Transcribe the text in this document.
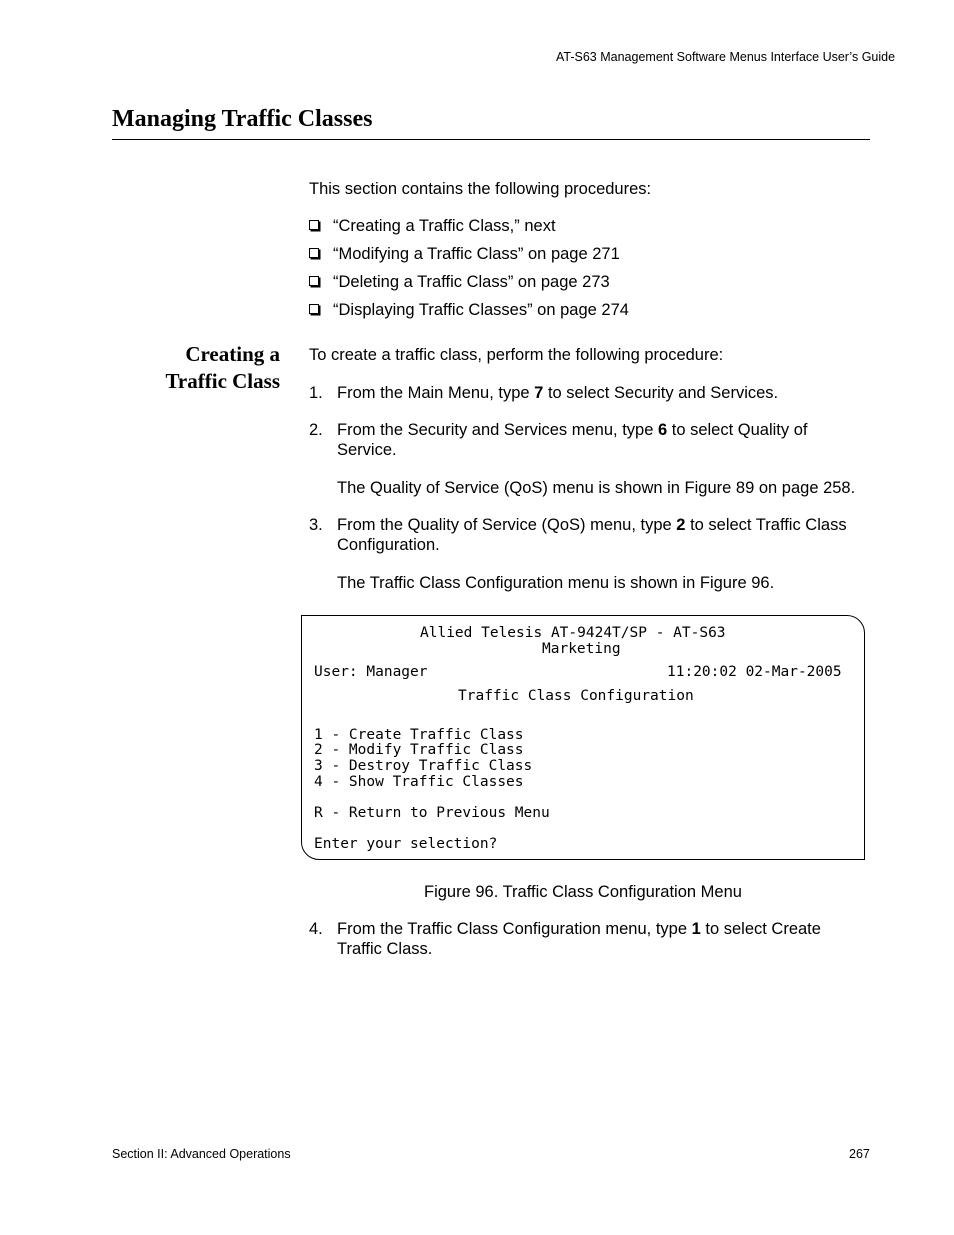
AT-S63 Management Software Menus Interface User’s Guide
Managing Traffic Classes
This section contains the following procedures:
“Creating a Traffic Class,” next
“Modifying a Traffic Class” on page 271
“Deleting a Traffic Class” on page 273
“Displaying Traffic Classes” on page 274
Creating a
Traffic Class
To create a traffic class, perform the following procedure:
1. From the Main Menu, type 7 to select Security and Services.
2. From the Security and Services menu, type 6 to select Quality of Service.
The Quality of Service (QoS) menu is shown in Figure 89 on page 258.
3. From the Quality of Service (QoS) menu, type 2 to select Traffic Class Configuration.
The Traffic Class Configuration menu is shown in Figure 96.
Allied Telesis AT-9424T/SP - AT-S63
Marketing
User: Manager	11:20:02 02-Mar-2005
Traffic Class Configuration
1 - Create Traffic Class
2 - Modify Traffic Class
3 - Destroy Traffic Class
4 - Show Traffic Classes
R - Return to Previous Menu
Enter your selection?
Figure 96. Traffic Class Configuration Menu
4. From the Traffic Class Configuration menu, type 1 to select Create Traffic Class.
Section II: Advanced Operations	267
